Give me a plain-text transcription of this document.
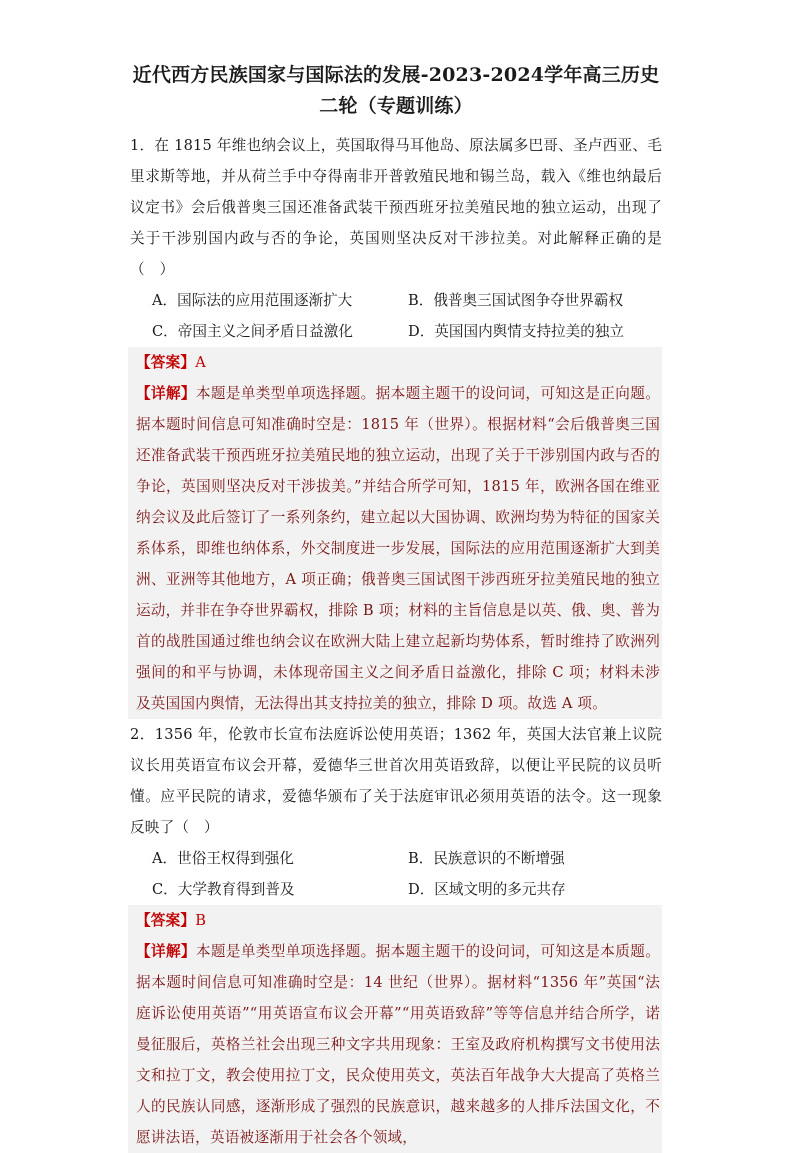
近代西方民族国家与国际法的发展-2023-2024学年高三历史
二轮（专题训练）
1．在 1815 年维也纳会议上，英国取得马耳他岛、原法属多巴哥、圣卢西亚、毛里求斯等地，并从荷兰手中夺得南非开普敦殖民地和锡兰岛，载入《维也纳最后议定书》会后俄普奥三国还准备武装干预西班牙拉美殖民地的独立运动，出现了关于干涉别国内政与否的争论，英国则坚决反对干涉拉美。对此解释正确的是（　）
A．国际法的应用范围逐渐扩大	B．俄普奥三国试图争夺世界霸权
C．帝国主义之间矛盾日益激化	D．英国国内舆情支持拉美的独立
【答案】A
【详解】本题是单类型单项选择题。据本题主题干的设问词，可知这是正向题。据本题时间信息可知准确时空是：1815 年（世界）。根据材料“会后俄普奥三国还准备武装干预西班牙拉美殖民地的独立运动，出现了关于干涉别国内政与否的争论，英国则坚决反对干涉拔美。”并结合所学可知，1815 年，欧洲各国在维亚纳会议及此后签订了一系列条约，建立起以大国协调、欧洲均势为特征的国家关系体系，即维也纳体系，外交制度进一步发展，国际法的应用范围逐渐扩大到美洲、亚洲等其他地方，A 项正确；俄普奥三国试图干涉西班牙拉美殖民地的独立运动，并非在争夺世界霸权，排除 B 项；材料的主旨信息是以英、俄、奥、普为首的战胜国通过维也纳会议在欧洲大陆上建立起新均势体系，暂时维持了欧洲列强间的和平与协调，未体现帝国主义之间矛盾日益激化，排除 C 项；材料未涉及英国国内舆情，无法得出其支持拉美的独立，排除 D 项。故选 A 项。
2．1356 年，伦敦市长宣布法庭诉讼使用英语；1362 年，英国大法官兼上议院议长用英语宣布议会开幕，爱德华三世首次用英语致辞，以便让平民院的议员听懂。应平民院的请求，爱德华颁布了关于法庭审讯必须用英语的法令。这一现象反映了（　）
A．世俗王权得到强化	B．民族意识的不断增强
C．大学教育得到普及	D．区域文明的多元共存
【答案】B
【详解】本题是单类型单项选择题。据本题主题干的设问词，可知这是本质题。据本题时间信息可知准确时空是：14 世纪（世界）。据材料“1356 年”英国“法庭诉讼使用英语”“用英语宣布议会开幕”“用英语致辞”等等信息并结合所学，诺曼征服后，英格兰社会出现三种文字共用现象：王室及政府机构撰写文书使用法文和拉丁文，教会使用拉丁文，民众使用英文，英法百年战争大大提高了英格兰人的民族认同感，逐渐形成了强烈的民族意识，越来越多的人排斥法国文化，不愿讲法语，英语被逐渐用于社会各个领域，
